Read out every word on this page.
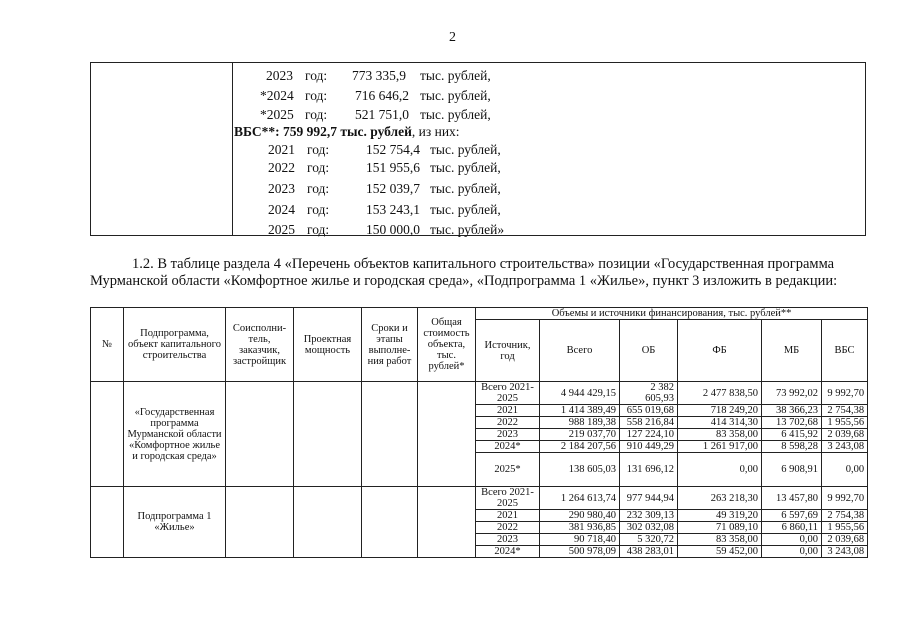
2
2023 год: 773 335,9 тыс. рублей,
*2024 год: 716 646,2 тыс. рублей,
*2025 год: 521 751,0 тыс. рублей,
ВБС**: 759 992,7 тыс. рублей, из них:
2021 год:	152 754,4 тыс. рублей,
2022 год:	151 955,6 тыс. рублей,
2023 год:	152 039,7 тыс. рублей,
2024 год:	153 243,1 тыс. рублей,
2025 год:	150 000,0 тыс. рублей»

1.2. В таблице раздела 4 «Перечень объектов капитального строительства» позиции «Государственная программа Мурманской области «Комфортное жилье и городская среда», «Подпрограмма 1 «Жилье», пункт 3 изложить в редакции:

№	Подпрограмма, объект капитального строительства	Соисполни-тель, заказчик, застройщик	Проектная мощность	Сроки и этапы выполне-ния работ	Общая стоимость объекта, тыс. рублей*	Объемы и источники финансирования, тыс. рублей**					
						Источник, год	Всего	ОБ	ФБ	МБ	ВБС
	«Государственная программа Мурманской области «Комфортное жилье и городская среда»					Всего 2021-2025	4 944 429,15	2 382 605,93	2 477 838,50	73 992,02	9 992,70
						2021	1 414 389,49	655 019,68	718 249,20	38 366,23	2 754,38
						2022	988 189,38	558 216,84	414 314,30	13 702,68	1 955,56
						2023	219 037,70	127 224,10	83 358,00	6 415,92	2 039,68
						2024*	2 184 207,56	910 449,29	1 261 917,00	8 598,28	3 243,08
						2025*	138 605,03	131 696,12	0,00	6 908,91	0,00
	Подпрограмма 1 «Жилье»					Всего 2021-2025	1 264 613,74	977 944,94	263 218,30	13 457,80	9 992,70
						2021	290 980,40	232 309,13	49 319,20	6 597,69	2 754,38
						2022	381 936,85	302 032,08	71 089,10	6 860,11	1 955,56
						2023	90 718,40	5 320,72	83 358,00	0,00	2 039,68
						2024*	500 978,09	438 283,01	59 452,00	0,00	3 243,08
